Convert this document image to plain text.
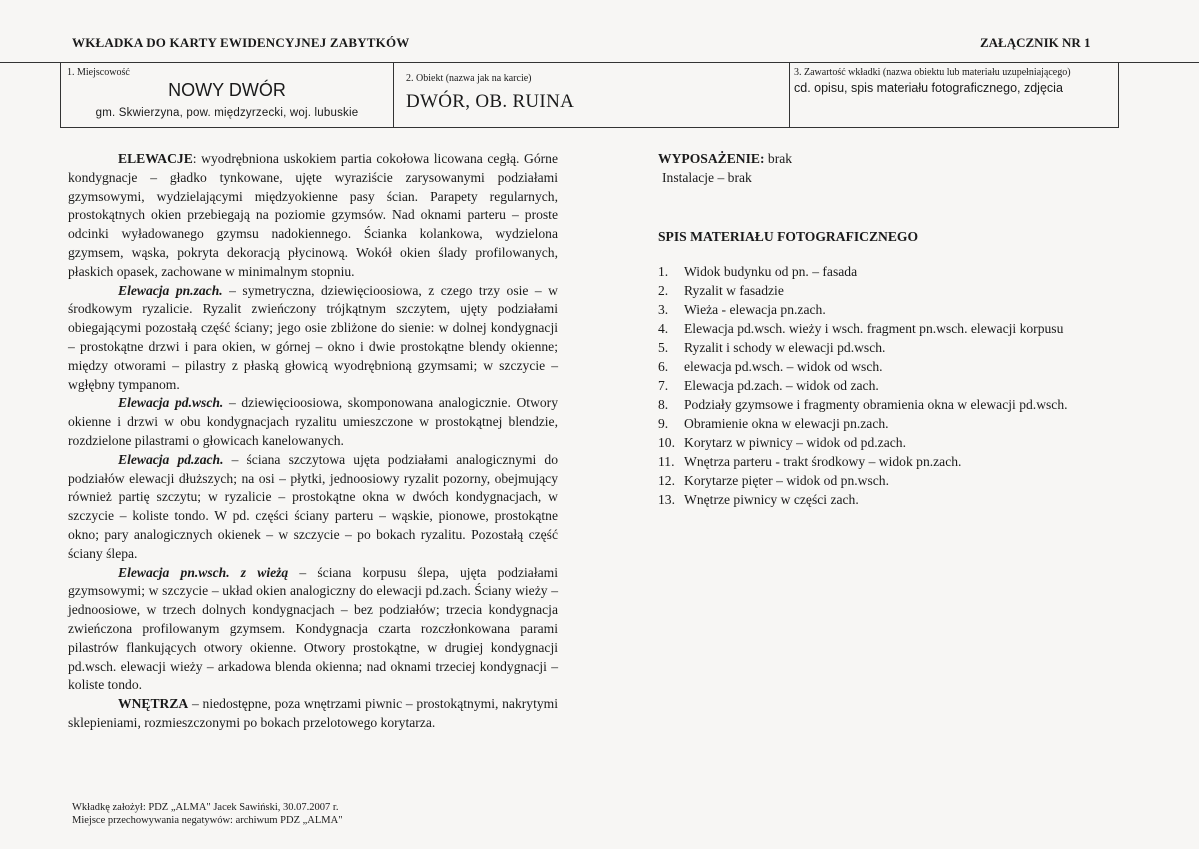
WKŁADKA DO KARTY EWIDENCYJNEJ ZABYTKÓW	ZAŁĄCZNIK NR 1
1. Miejscowość
NOWY DWÓR
gm. Skwierzyna, pow. międzyrzecki, woj. lubuskie
2. Obiekt (nazwa jak na karcie)
DWÓR, OB. RUINA
3. Zawartość wkładki (nazwa obiektu lub materiału uzupełniającego)
cd. opisu, spis materiału fotograficznego, zdjęcia

ELEWACJE: wyodrębniona uskokiem partia cokołowa licowana cegłą. Górne kondygnacje – gładko tynkowane, ujęte wyraziście zarysowanymi podziałami gzymsowymi, wydzielającymi międzyokienne pasy ścian. Parapety regularnych, prostokątnych okien przebiegają na poziomie gzymsów. Nad oknami parteru – proste odcinki wyładowanego gzymsu nadokiennego. Ścianka kolankowa, wydzielona gzymsem, wąska, pokryta dekoracją płycinową. Wokół okien ślady profilowanych, płaskich opasek, zachowane w minimalnym stopniu.

Elewacja pn.zach. – symetryczna, dziewięcioosiowa, z czego trzy osie – w środkowym ryzalicie. Ryzalit zwieńczony trójkątnym szczytem, ujęty podziałami obiegającymi pozostałą część ściany; jego osie zbliżone do sienie: w dolnej kondygnacji – prostokątne drzwi i para okien, w górnej – okno i dwie prostokątne blendy okienne; między otworami – pilastry z płaską głowicą wyodrębnioną gzymsami; w szczycie – wgłębny tympanom.

Elewacja pd.wsch. – dziewięcioosiowa, skomponowana analogicznie. Otwory okienne i drzwi w obu kondygnacjach ryzalitu umieszczone w prostokątnej blendzie, rozdzielone pilastrami o głowicach kanelowanych.

Elewacja pd.zach. – ściana szczytowa ujęta podziałami analogicznymi do podziałów elewacji dłuższych; na osi – płytki, jednoosiowy ryzalit pozorny, obejmujący również partię szczytu; w ryzalicie – prostokątne okna w dwóch kondygnacjach, w szczycie – koliste tondo. W pd. części ściany parteru – wąskie, pionowe, prostokątne okno; pary analogicznych okienek – w szczycie – po bokach ryzalitu. Pozostałą część ściany ślepa.

Elewacja pn.wsch. z wieżą – ściana korpusu ślepa, ujęta podziałami gzymsowymi; w szczycie – układ okien analogiczny do elewacji pd.zach. Ściany wieży – jednoosiowe, w trzech dolnych kondygnacjach – bez podziałów; trzecia kondygnacja zwieńczona profilowanym gzymsem. Kondygnacja czarta rozczłonkowana parami pilastrów flankujących otwory okienne. Otwory prostokątne, w drugiej kondygnacji pd.wsch. elewacji wieży – arkadowa blenda okienna; nad oknami trzeciej kondygnacji – koliste tondo.

WNĘTRZA – niedostępne, poza wnętrzami piwnic – prostokątnymi, nakrytymi sklepieniami, rozmieszczonymi po bokach przelotowego korytarza.

WYPOSAŻENIE: brak

Instalacje – brak

SPIS MATERIAŁU FOTOGRAFICZNEGO
1.	Widok budynku od pn. – fasada
2.	Ryzalit w fasadzie
3.	Wieża - elewacja pn.zach.
4.	Elewacja pd.wsch. wieży i wsch. fragment pn.wsch. elewacji korpusu
5.	Ryzalit i schody w elewacji pd.wsch.
6.	elewacja pd.wsch. – widok od wsch.
7.	Elewacja pd.zach. – widok od zach.
8.	Podziały gzymsowe i fragmenty obramienia okna w elewacji pd.wsch.
9.	Obramienie okna w elewacji pn.zach.
10. Korytarz w piwnicy – widok od pd.zach.
11. Wnętrza parteru - trakt środkowy – widok pn.zach.
12. Korytarze pięter – widok od pn.wsch.
13. Wnętrze piwnicy w części zach.
Wkładkę założył: PDZ „ALMA" Jacek Sawiński, 30.07.2007 r.
Miejsce przechowywania negatywów: archiwum PDZ „ALMA"
